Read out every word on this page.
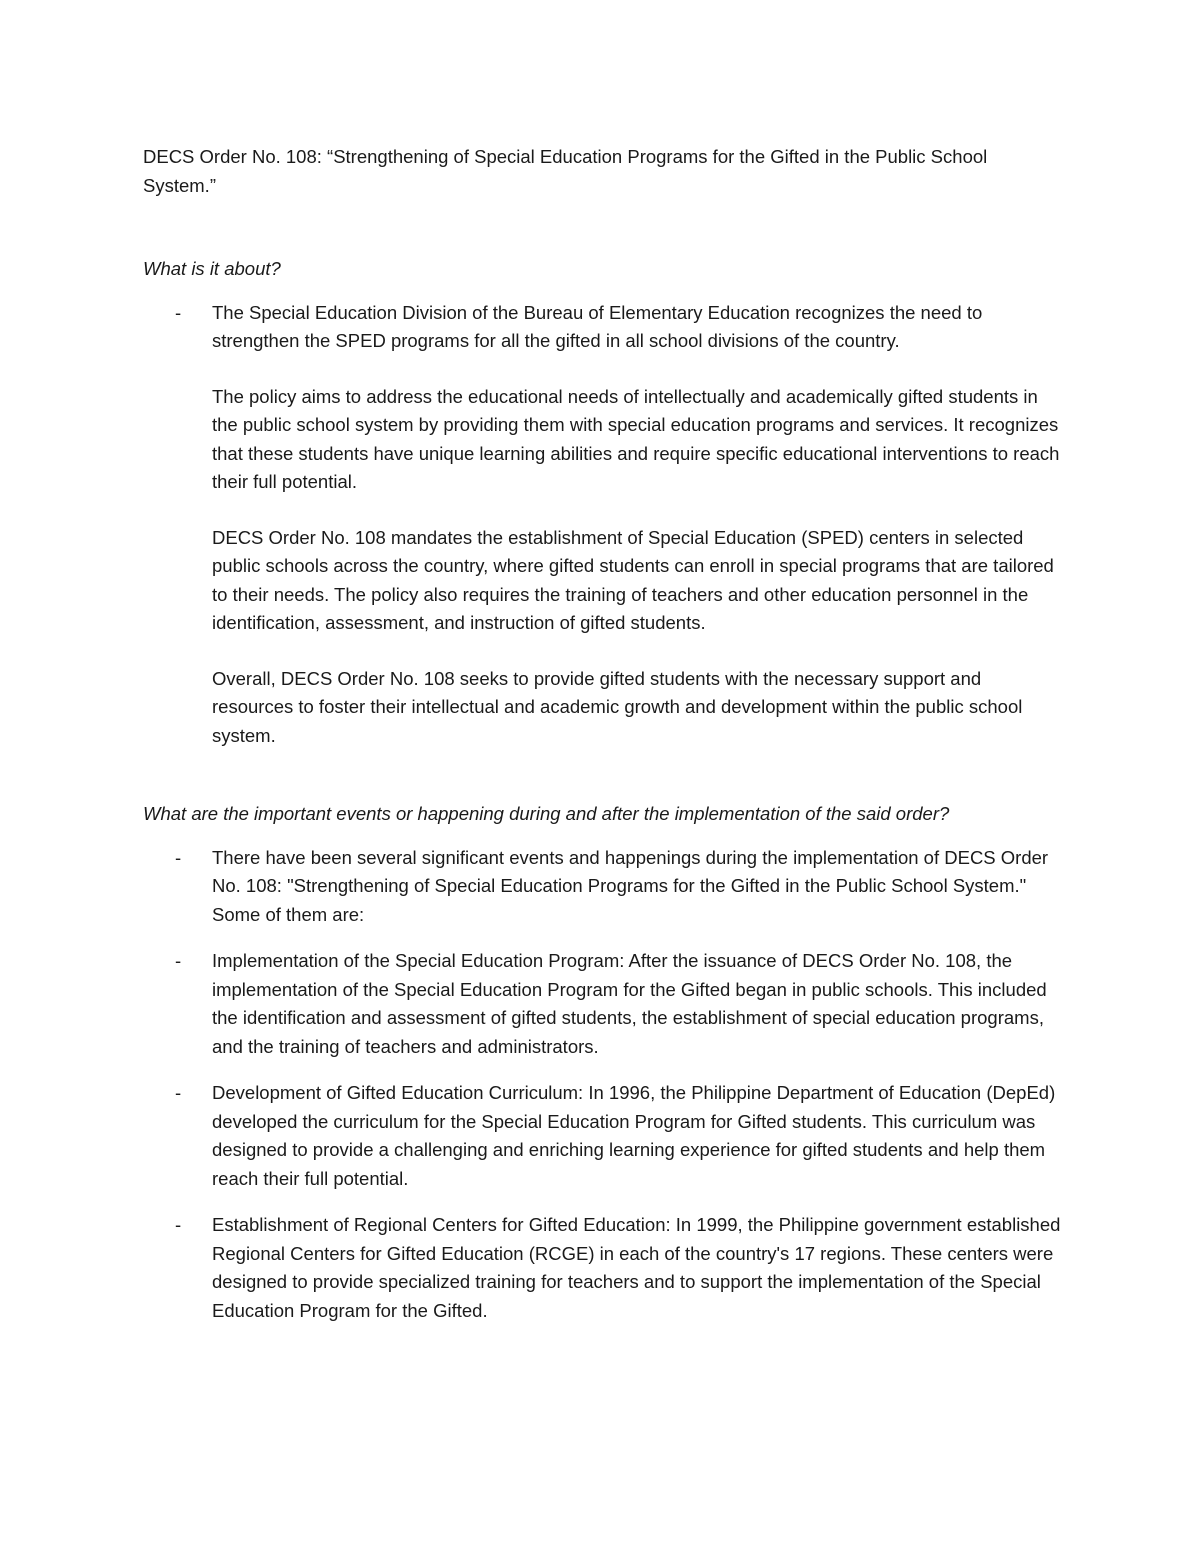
DECS Order No. 108: “Strengthening of Special Education Programs for the Gifted in the Public School System.”

What is it about?

- The Special Education Division of the Bureau of Elementary Education recognizes the need to strengthen the SPED programs for all the gifted in all school divisions of the country.

The policy aims to address the educational needs of intellectually and academically gifted students in the public school system by providing them with special education programs and services. It recognizes that these students have unique learning abilities and require specific educational interventions to reach their full potential.

DECS Order No. 108 mandates the establishment of Special Education (SPED) centers in selected public schools across the country, where gifted students can enroll in special programs that are tailored to their needs. The policy also requires the training of teachers and other education personnel in the identification, assessment, and instruction of gifted students.

Overall, DECS Order No. 108 seeks to provide gifted students with the necessary support and resources to foster their intellectual and academic growth and development within the public school system.

What are the important events or happening during and after the implementation of the said order?

- There have been several significant events and happenings during the implementation of DECS Order No. 108: "Strengthening of Special Education Programs for the Gifted in the Public School System." Some of them are:

- Implementation of the Special Education Program: After the issuance of DECS Order No. 108, the implementation of the Special Education Program for the Gifted began in public schools. This included the identification and assessment of gifted students, the establishment of special education programs, and the training of teachers and administrators.

- Development of Gifted Education Curriculum: In 1996, the Philippine Department of Education (DepEd) developed the curriculum for the Special Education Program for Gifted students. This curriculum was designed to provide a challenging and enriching learning experience for gifted students and help them reach their full potential.

- Establishment of Regional Centers for Gifted Education: In 1999, the Philippine government established Regional Centers for Gifted Education (RCGE) in each of the country's 17 regions. These centers were designed to provide specialized training for teachers and to support the implementation of the Special Education Program for the Gifted.
